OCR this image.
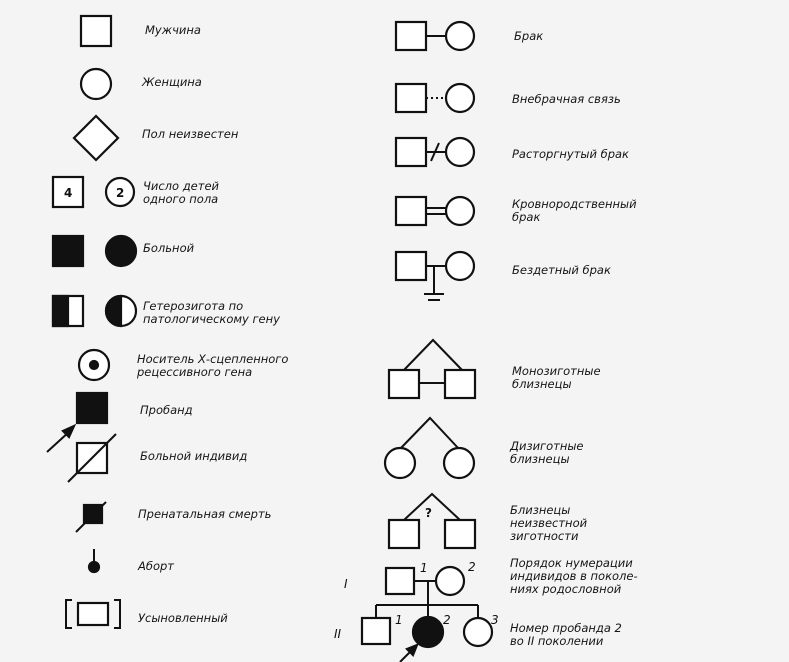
4	2
?
I
1	2
II
1	2	3
Мужчина
Женщина
Пол неизвестен
Число детей
одного пола
Больной
Гетерозигота по
патологическому гену
Носитель Х-сцепленного
рецессивного гена
Пробанд
Больной индивид
Пренатальная смерть
Аборт
Усыновленный
Брак
Внебрачная связь
Расторгнутый брак
Кровнородственный
брак
Бездетный брак
Монозиготные
близнецы
Дизиготные
близнецы
Близнецы
неизвестной
зиготности
Порядок нумерации
индивидов в поколе-
ниях родословной
Номер пробанда 2
во II поколении
